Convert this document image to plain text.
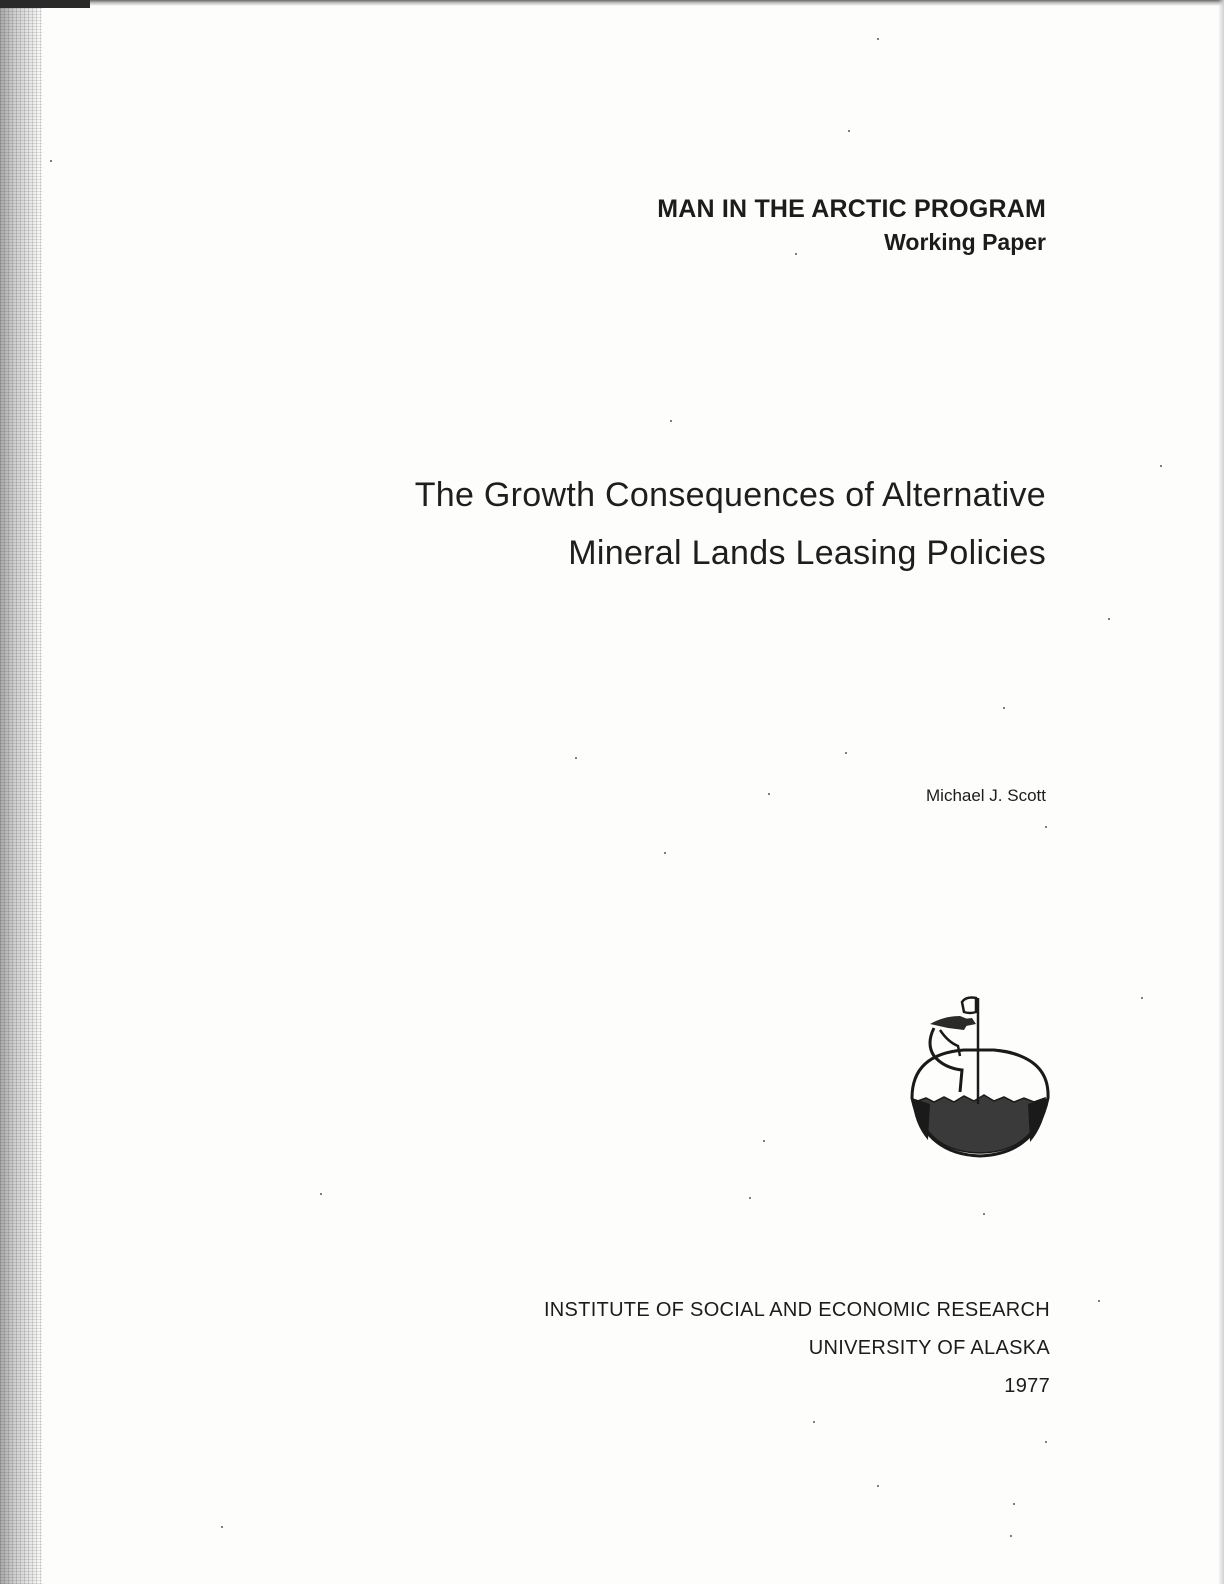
MAN IN THE ARCTIC PROGRAM
Working Paper
The Growth Consequences of Alternative
Mineral Lands Leasing Policies
Michael J. Scott
INSTITUTE OF SOCIAL AND ECONOMIC RESEARCH
UNIVERSITY OF ALASKA
1977
